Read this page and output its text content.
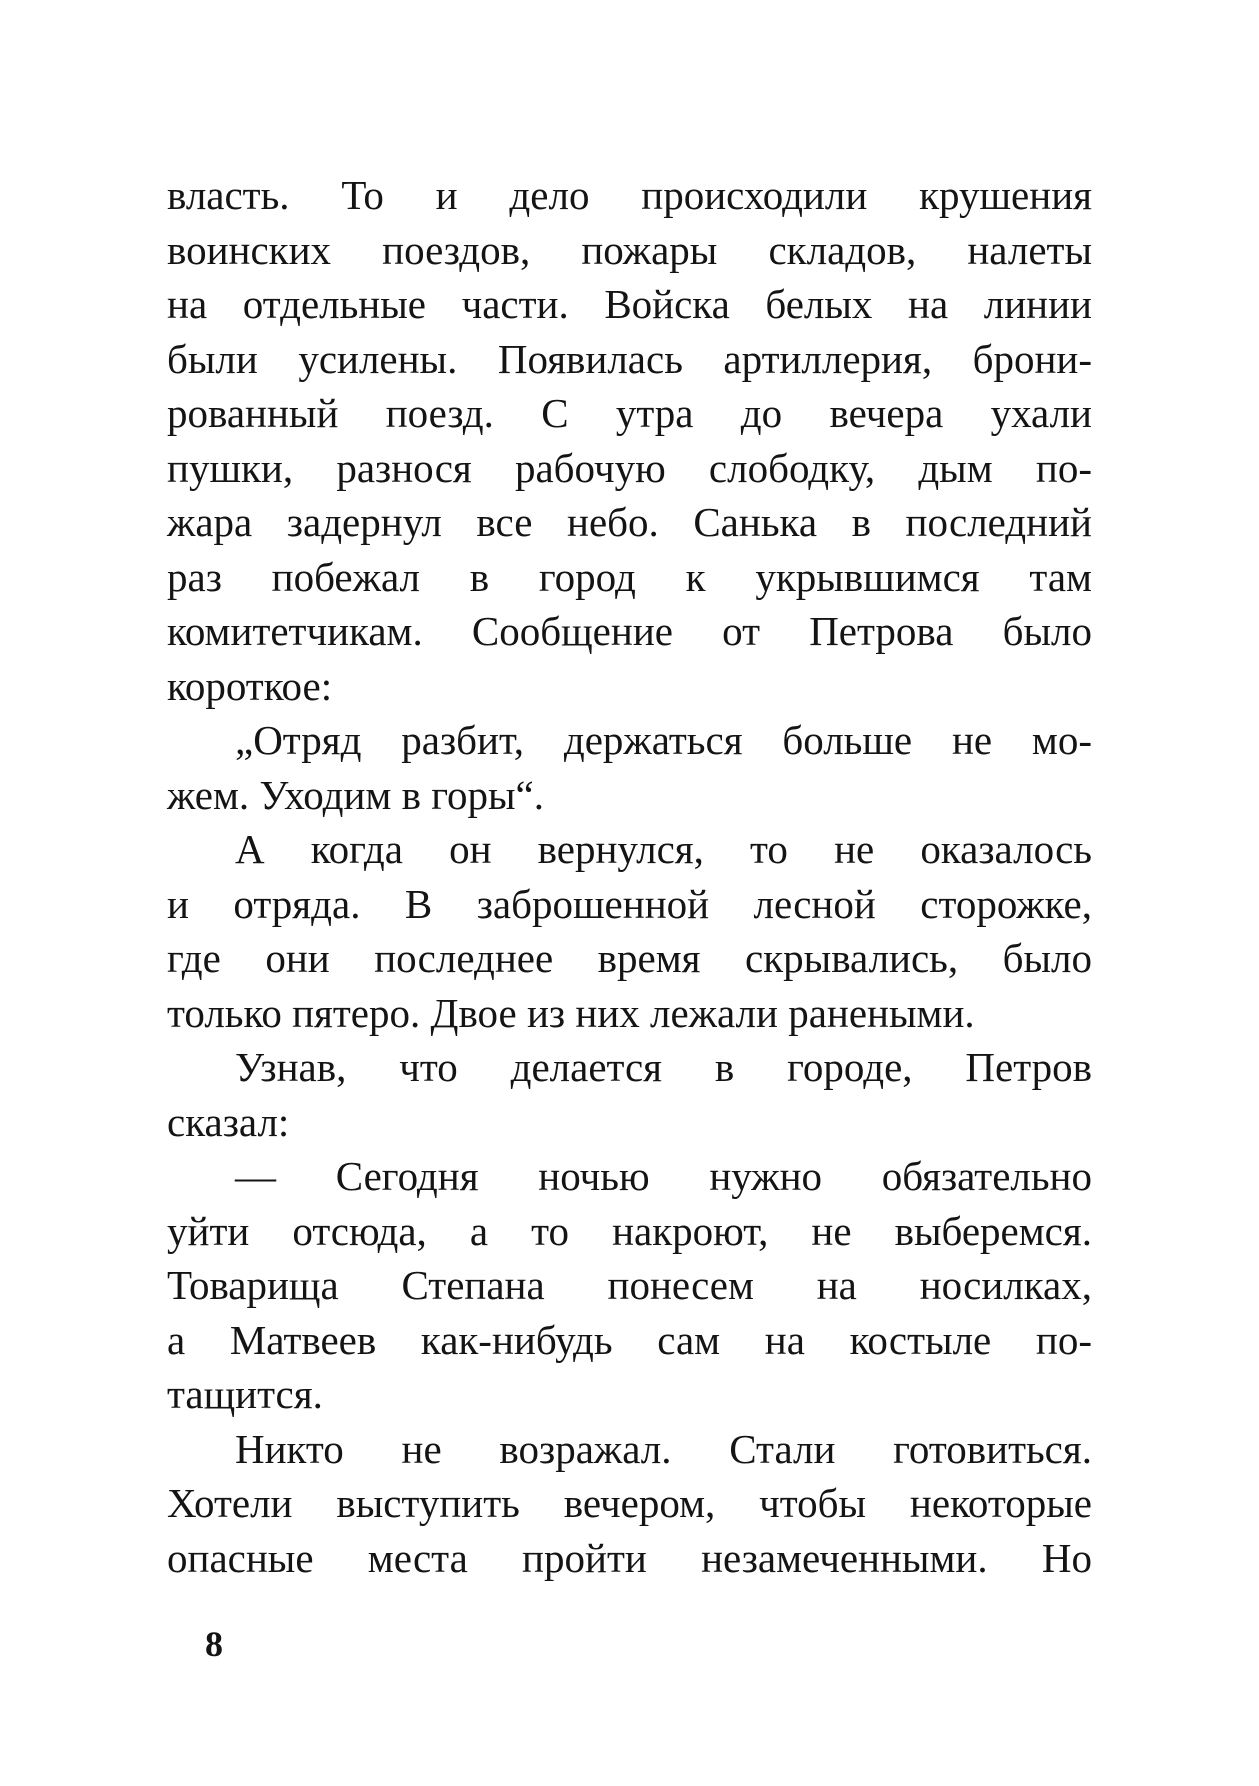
власть. То и дело происходили крушения
воинских поездов, пожары складов, налеты
на отдельные части. Войска белых на линии
были усилены. Появилась артиллерия, брони-
рованный поезд. С утра до вечера ухали
пушки, разнося рабочую слободку, дым по-
жара задернул все небо. Санька в последний
раз побежал в город к укрывшимся там
комитетчикам. Сообщение от Петрова было
короткое:
„Отряд разбит, держаться больше не мо-
жем. Уходим в горы“.
А когда он вернулся, то не оказалось
и отряда. В заброшенной лесной сторожке,
где они последнее время скрывались, было
только пятеро. Двое из них лежали ранеными.
Узнав, что делается в городе, Петров
сказал:
— Сегодня ночью нужно обязательно
уйти отсюда, а то накроют, не выберемся.
Товарища Степана понесем на носилках,
а Матвеев как-нибудь сам на костыле по-
тащится.
Никто не возражал. Стали готовиться.
Хотели выступить вечером, чтобы некоторые
опасные места пройти незамеченными. Но
8
